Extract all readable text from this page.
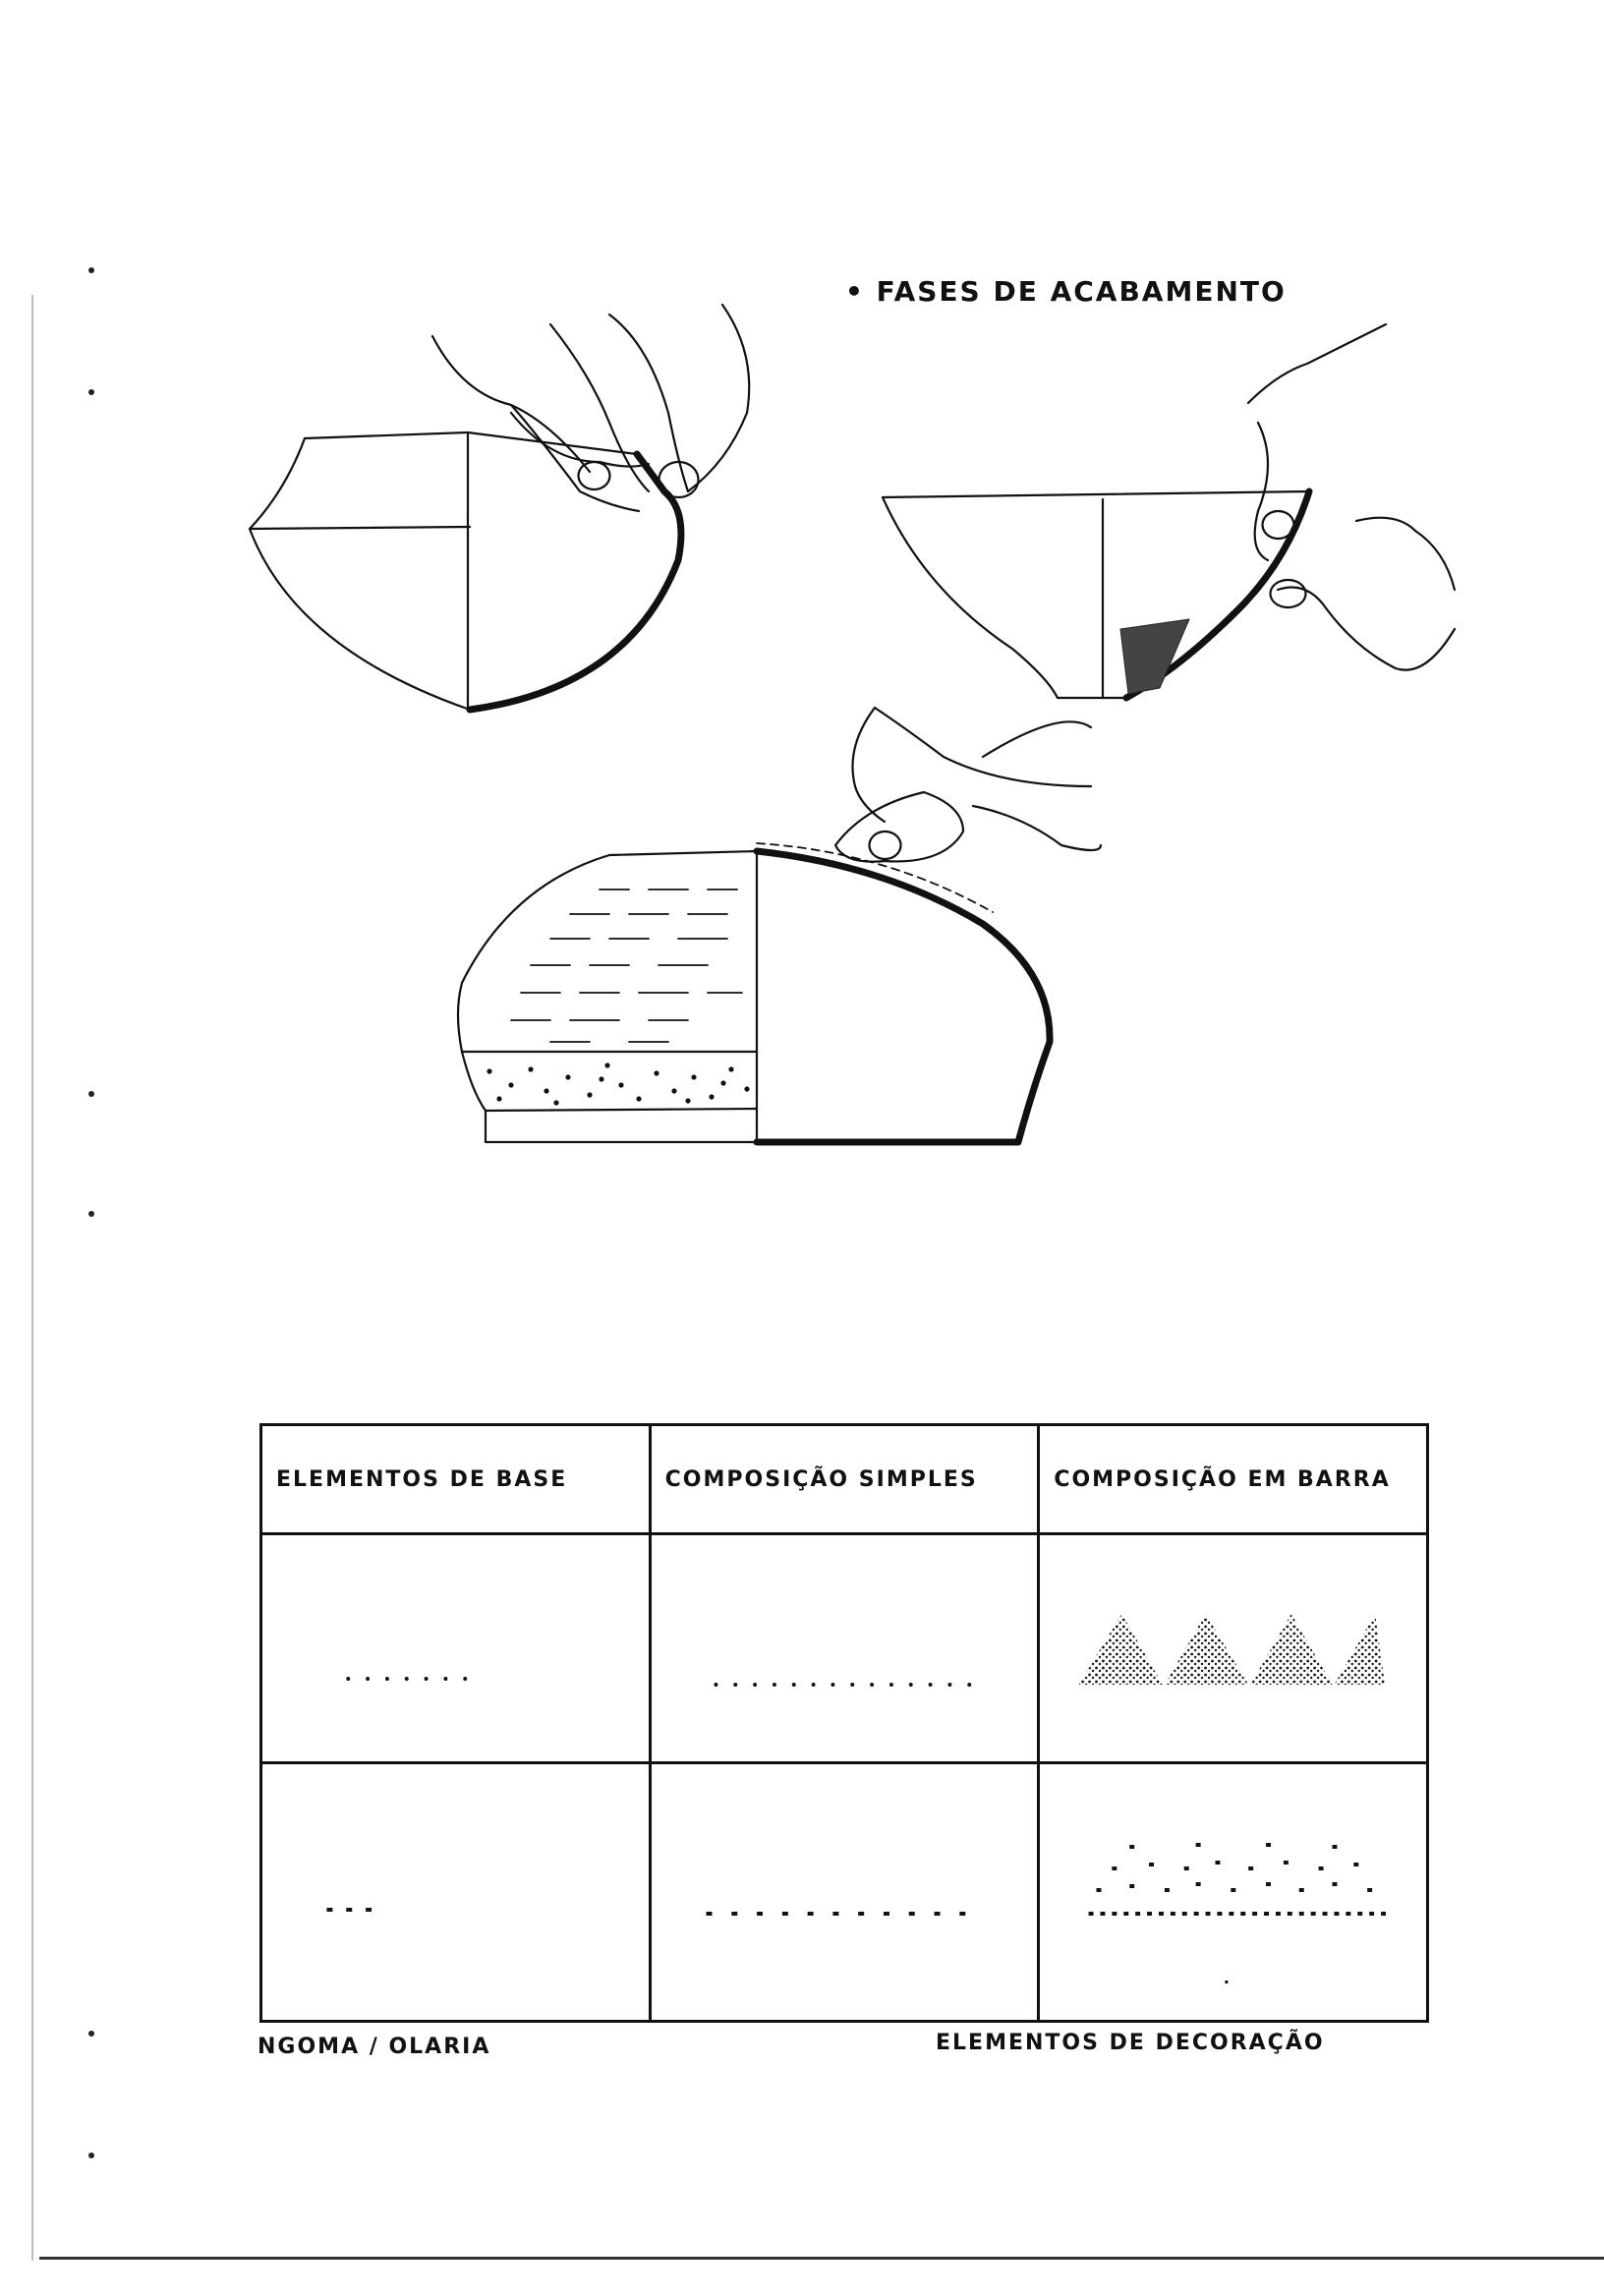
• FASES DE ACABAMENTO
ELEMENTOS DE BASE	COMPOSIÇÃO SIMPLES	COMPOSIÇÃO EM BARRA

NGOMA / OLARIA	ELEMENTOS DE DECORAÇÃO
